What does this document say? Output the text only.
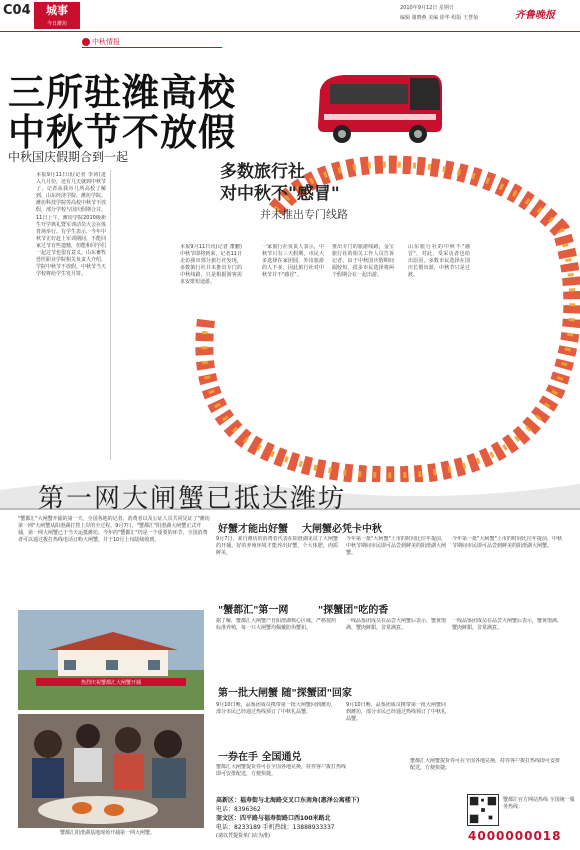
C04	城事
今日潍坊
2010年9月12日 星期日
编辑 谢晓燕 美编 徐华 组版 王慧菊	齐鲁晚报
中秋情报
三所驻潍高校
中秋节不放假
中秋国庆假期合到一起
多数旅行社
对中秋不"感冒"
并未推出专门线路
本报9月11日讯(记者 李涛)进入九月份，还有几天就到中秋节了，记者从我市几所高校了解到，山东经济学院、潍坊学院、潍坊科技学院等高校中秋节不放假，部分学校与国庆假期合并。
11日上午，潍坊学院2010级新生开学典礼暨军训动员大会在体育场举行。有学生表示，今年中秋节正好赶上军训期间，不能回家过节有些遗憾，但能和同学们一起过节也很有意义。山东畜牧兽医职业学院相关负责人介绍，学院中秋节不放假，中秋节当天学校将给学生发月饼。
本报9月11日讯(记者 董鹏)中秋节即将到来，记者11日走访我市部分旅行社发现，多数旅行社并未推出专门的中秋线路，只是根据游客需求安排短途游。
一家旅行社负责人表示，中秋节只有三天假期，市民大多选择在家团圆，外出旅游的人不多，因此旅行社对中秋节并不"感冒"。
推出专门的旅游线路，金宝旅行社的相关工作人员告诉记者，由于中秋国庆假期间隔较短，很多市民选择将两个假期合在一起出游。
山东旅行社的中秋不"感冒"，对此，受采访者也给出原因，多数市民选择在国庆长假出游，中秋节只是过渡。
第一网大闸蟹已抵达潍坊
"蟹都汇"大闸蟹开捕的第一天，全国各地的记者、消费者以及公证人员共同见证了"潍坊第一网"大闸蟹从阳澄湖打捞上岸的全过程。9月7日，"蟹都汇"阳澄湖大闸蟹正式开捕，第一网大闸蟹已于当天运抵潍坊。今年的"蟹都汇"仍是一个重要的环节，全国消费者可以通过拨打热线电话订购大闸蟹，并于10月上旬陆续收到。
热烈庆祝蟹都汇大闸蟹开捕
蟹都汇阳澄湖基地现场开捕第一网大闸蟹。
好蟹才能出好蟹
9月7日，来自潍坊的消费者代表在阳澄湖见证了大闸蟹的开捕，好的养殖环境才能养出好蟹，个大体肥，肉质鲜美。
大闸蟹必凭卡中秋
今年第一批"大闸蟹"上市的时间比往年提前，中秋节期间市民即可品尝到鲜美的阳澄湖大闸蟹。
今年第一批"大闸蟹"上市的时间比往年提前，中秋节期间市民即可品尝到鲜美的阳澄湖大闸蟹。
"蟹都汇"第一网
据了解，蟹都汇大闸蟹产自阳澄湖核心区域，严格按照标准养殖，每一只大闸蟹均佩戴防伪蟹扣。
"探蟹团"吃的香
一线品鉴团成员在品尝大闸蟹后表示，蟹黄饱满、蟹肉鲜甜，非常满意。
一线品鉴团成员在品尝大闸蟹后表示，蟹黄饱满、蟹肉鲜甜，非常满意。
第一批大闸蟹 随"探蟹团"回家
9月10日晚，品鉴团成员携带第一批大闸蟹回到潍坊，部分市民已经通过热线预订了中秋礼品蟹。
9月10日晚，品鉴团成员携带第一批大闸蟹回到潍坊，部分市民已经通过热线预订了中秋礼品蟹。
一券在手 全国通兑
蟹都汇大闸蟹提货券可在全国各地兑换，持券客户拨打热线即可安排配送，方便快捷。
蟹都汇大闸蟹提货券可在全国各地兑换，持券客户拨打热线即可安排配送，方便快捷。
高新区：福寿街与北海路交叉口东南角(惠泽公寓楼下)
电话：8396362
奎文区：四平路与福寿街路口西100米路北
电话：8233189 手机热线：13888933337
(请以凭提货单门店为准)
蟹都汇官方网站热线 全国统一服务热线：
4000000018
